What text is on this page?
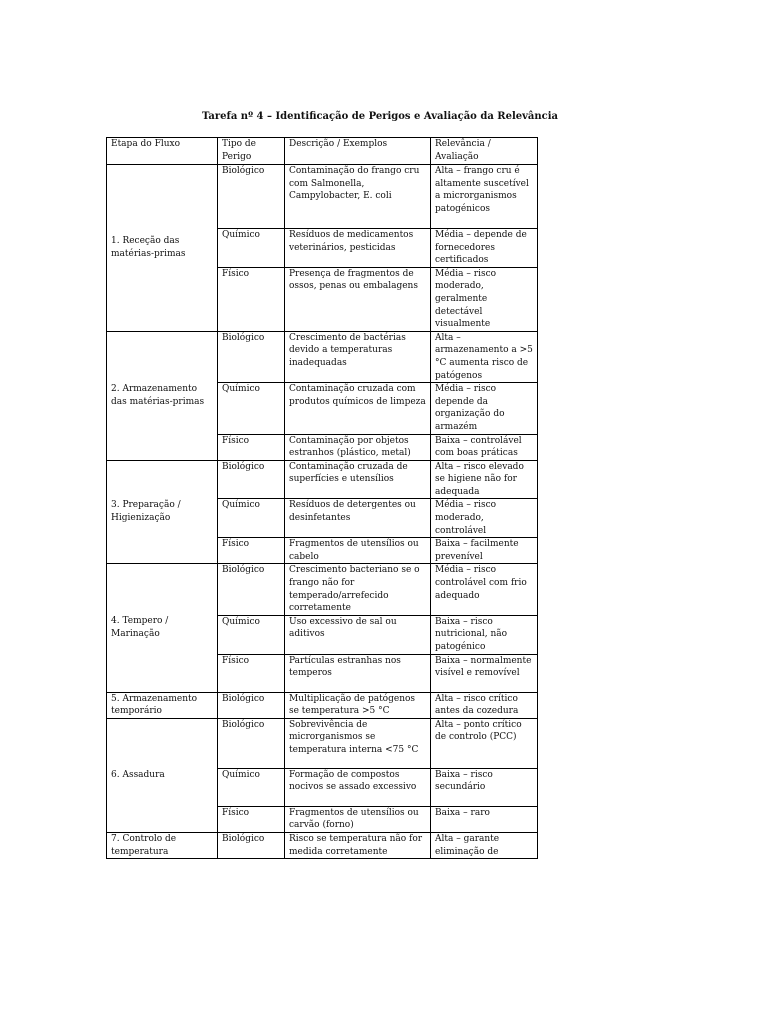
Tarefa nº 4 – Identificação de Perigos e Avaliação da Relevância
Etapa do Fluxo	Tipo de Perigo	Descrição / Exemplos	Relevância / Avaliação
1. Receção das matérias-primas	Biológico	Contaminação do frango cru com Salmonella, Campylobacter, E. coli	Alta – frango cru é altamente suscetível a microrganismos patogénicos
	Químico	Resíduos de medicamentos veterinários, pesticidas	Média – depende de fornecedores certificados
	Físico	Presença de fragmentos de ossos, penas ou embalagens	Média – risco moderado, geralmente detectável visualmente
2. Armazenamento das matérias-primas	Biológico	Crescimento de bactérias devido a temperaturas inadequadas	Alta – armazenamento a >5 °C aumenta risco de patógenos
	Químico	Contaminação cruzada com produtos químicos de limpeza	Média – risco depende da organização do armazém
	Físico	Contaminação por objetos estranhos (plástico, metal)	Baixa – controlável com boas práticas
3. Preparação / Higienização	Biológico	Contaminação cruzada de superfícies e utensílios	Alta – risco elevado se higiene não for adequada
	Químico	Resíduos de detergentes ou desinfetantes	Média – risco moderado, controlável
	Físico	Fragmentos de utensílios ou cabelo	Baixa – facilmente prevenível
4. Tempero / Marinação	Biológico	Crescimento bacteriano se o frango não for temperado/arrefecido corretamente	Média – risco controlável com frio adequado
	Químico	Uso excessivo de sal ou aditivos	Baixa – risco nutricional, não patogénico
	Físico	Partículas estranhas nos temperos	Baixa – normalmente visível e removível
5. Armazenamento temporário	Biológico	Multiplicação de patógenos se temperatura >5 °C	Alta – risco crítico antes da cozedura
6. Assadura	Biológico	Sobrevivência de microrganismos se temperatura interna <75 °C	Alta – ponto crítico de controlo (PCC)
	Químico	Formação de compostos nocivos se assado excessivo	Baixa – risco secundário
	Físico	Fragmentos de utensílios ou carvão (forno)	Baixa – raro
7. Controlo de temperatura	Biológico	Risco se temperatura não for medida corretamente	Alta – garante eliminação de
